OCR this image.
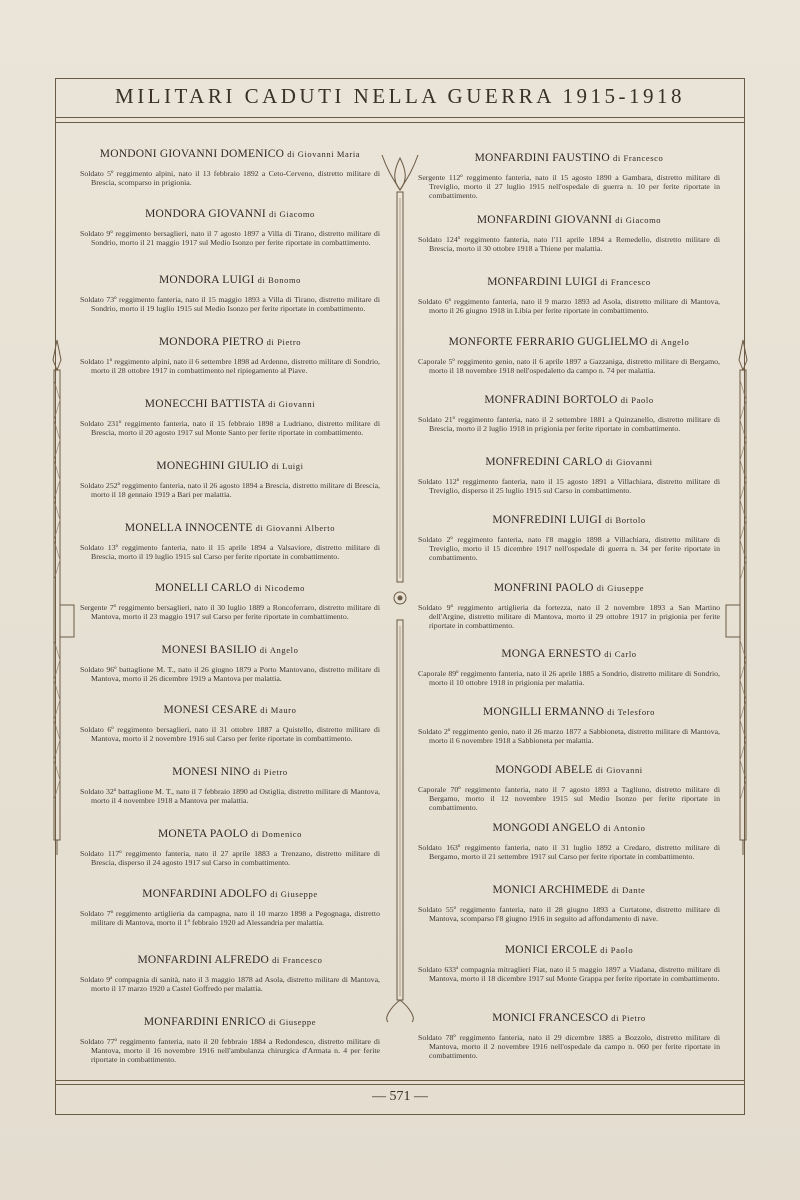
MILITARI CADUTI NELLA GUERRA 1915-1918
MONDONI GIOVANNI DOMENICO di Giovanni Maria
Soldato 5º reggimento alpini, nato il 13 febbraio 1892 a Ceto-Cerveno, distretto militare di Brescia, scomparso in prigionia.
MONDORA GIOVANNI di Giacomo
Soldato 9º reggimento bersaglieri, nato il 7 agosto 1897 a Villa di Tirano, distretto militare di Sondrio, morto il 21 maggio 1917 sul Medio Isonzo per ferite riportate in combattimento.
MONDORA LUIGI di Bonomo
Soldato 73º reggimento fanteria, nato il 15 maggio 1893 a Villa di Tirano, distretto militare di Sondrio, morto il 19 luglio 1915 sul Medio Isonzo per ferite riportate in combattimento.
MONDORA PIETRO di Pietro
Soldato 1º reggimento alpini, nato il 6 settembre 1898 ad Ardenno, distretto militare di Sondrio, morto il 28 ottobre 1917 in combattimento nel ripiegamento al Piave.
MONECCHI BATTISTA di Giovanni
Soldato 231º reggimento fanteria, nato il 15 febbraio 1898 a Ludriano, distretto militare di Brescia, morto il 20 agosto 1917 sul Monte Santo per ferite riportate in combattimento.
MONEGHINI GIULIO di Luigi
Soldato 252º reggimento fanteria, nato il 26 agosto 1894 a Brescia, distretto militare di Brescia, morto il 18 gennaio 1919 a Bari per malattia.
MONELLA INNOCENTE di Giovanni Alberto
Soldato 13º reggimento fanteria, nato il 15 aprile 1894 a Valsaviore, distretto militare di Brescia, morto il 19 luglio 1915 sul Carso per ferite riportate in combattimento.
MONELLI CARLO di Nicodemo
Sergente 7º reggimento bersaglieri, nato il 30 luglio 1889 a Roncoferraro, distretto militare di Mantova, morto il 23 maggio 1917 sul Carso per ferite riportate in combattimento.
MONESI BASILIO di Angelo
Soldato 96º battaglione M. T., nato il 26 giugno 1879 a Porto Mantovano, distretto militare di Mantova, morto il 26 dicembre 1919 a Mantova per malattia.
MONESI CESARE di Mauro
Soldato 6º reggimento bersaglieri, nato il 31 ottobre 1887 a Quistello, distretto militare di Mantova, morto il 2 novembre 1916 sul Carso per ferite riportate in combattimento.
MONESI NINO di Pietro
Soldato 32º battaglione M. T., nato il 7 febbraio 1890 ad Ostiglia, distretto militare di Mantova, morto il 4 novembre 1918 a Mantova per malattia.
MONETA PAOLO di Domenico
Soldato 117º reggimento fanteria, nato il 27 aprile 1883 a Trenzano, distretto militare di Brescia, disperso il 24 agosto 1917 sul Carso in combattimento.
MONFARDINI ADOLFO di Giuseppe
Soldato 7º reggimento artiglieria da campagna, nato il 10 marzo 1898 a Pegognaga, distretto militare di Mantova, morto il 1º febbraio 1920 ad Alessandria per malattia.
MONFARDINI ALFREDO di Francesco
Soldato 9ª compagnia di sanità, nato il 3 maggio 1878 ad Asola, distretto militare di Mantova, morto il 17 marzo 1920 a Castel Goffredo per malattia.
MONFARDINI ENRICO di Giuseppe
Soldato 77º reggimento fanteria, nato il 20 febbraio 1884 a Redondesco, distretto militare di Mantova, morto il 16 novembre 1916 nell'ambulanza chirurgica d'Armata n. 4 per ferite riportate in combattimento.
MONFARDINI FAUSTINO di Francesco
Sergente 112º reggimento fanteria, nato il 15 agosto 1890 a Gambara, distretto militare di Treviglio, morto il 27 luglio 1915 nell'ospedale di guerra n. 10 per ferite riportate in combattimento.
MONFARDINI GIOVANNI di Giacomo
Soldato 124º reggimento fanteria, nato l'11 aprile 1894 a Remedello, distretto militare di Brescia, morto il 30 ottobre 1918 a Thiene per malattia.
MONFARDINI LUIGI di Francesco
Soldato 6º reggimento fanteria, nato il 9 marzo 1893 ad Asola, distretto militare di Mantova, morto il 26 giugno 1918 in Libia per ferite riportate in combattimento.
MONFORTE FERRARIO GUGLIELMO di Angelo
Caporale 5º reggimento genio, nato il 6 aprile 1897 a Gazzaniga, distretto militare di Bergamo, morto il 18 novembre 1918 nell'ospedaletto da campo n. 74 per malattia.
MONFRADINI BORTOLO di Paolo
Soldato 21º reggimento fanteria, nato il 2 settembre 1881 a Quinzanello, distretto militare di Brescia, morto il 2 luglio 1918 in prigionia per ferite riportate in combattimento.
MONFREDINI CARLO di Giovanni
Soldato 112º reggimento fanteria, nato il 15 agosto 1891 a Villachiara, distretto militare di Treviglio, disperso il 25 luglio 1915 sul Carso in combattimento.
MONFREDINI LUIGI di Bortolo
Soldato 2º reggimento fanteria, nato l'8 maggio 1898 a Villachiara, distretto militare di Treviglio, morto il 15 dicembre 1917 nell'ospedale di guerra n. 34 per ferite riportate in combattimento.
MONFRINI PAOLO di Giuseppe
Soldato 9º reggimento artiglieria da fortezza, nato il 2 novembre 1893 a San Martino dell'Argine, distretto militare di Mantova, morto il 29 ottobre 1917 in prigionia per ferite riportate in combattimento.
MONGA ERNESTO di Carlo
Caporale 89º reggimento fanteria, nato il 26 aprile 1885 a Sondrio, distretto militare di Sondrio, morto il 10 ottobre 1918 in prigionia per malattia.
MONGILLI ERMANNO di Telesforo
Soldato 2º reggimento genio, nato il 26 marzo 1877 a Sabbioneta, distretto militare di Mantova, morto il 6 novembre 1918 a Sabbioneta per malattia.
MONGODI ABELE di Giovanni
Caporale 70º reggimento fanteria, nato il 7 agosto 1893 a Tagliuno, distretto militare di Bergamo, morto il 12 novembre 1915 sul Medio Isonzo per ferite riportate in combattimento.
MONGODI ANGELO di Antonio
Soldato 163º reggimento fanteria, nato il 31 luglio 1892 a Credaro, distretto militare di Bergamo, morto il 21 settembre 1917 sul Carso per ferite riportate in combattimento.
MONICI ARCHIMEDE di Dante
Soldato 55º reggimento fanteria, nato il 28 giugno 1893 a Curtatone, distretto militare di Mantova, scomparso l'8 giugno 1916 in seguito ad affondamento di nave.
MONICI ERCOLE di Paolo
Soldato 633ª compagnia mitraglieri Fiat, nato il 5 maggio 1897 a Viadana, distretto militare di Mantova, morto il 18 dicembre 1917 sul Monte Grappa per ferite riportate in combattimento.
MONICI FRANCESCO di Pietro
Soldato 78º reggimento fanteria, nato il 29 dicembre 1885 a Bozzolo, distretto militare di Mantova, morto il 2 novembre 1916 nell'ospedale da campo n. 060 per ferite riportate in combattimento.
— 571 —
